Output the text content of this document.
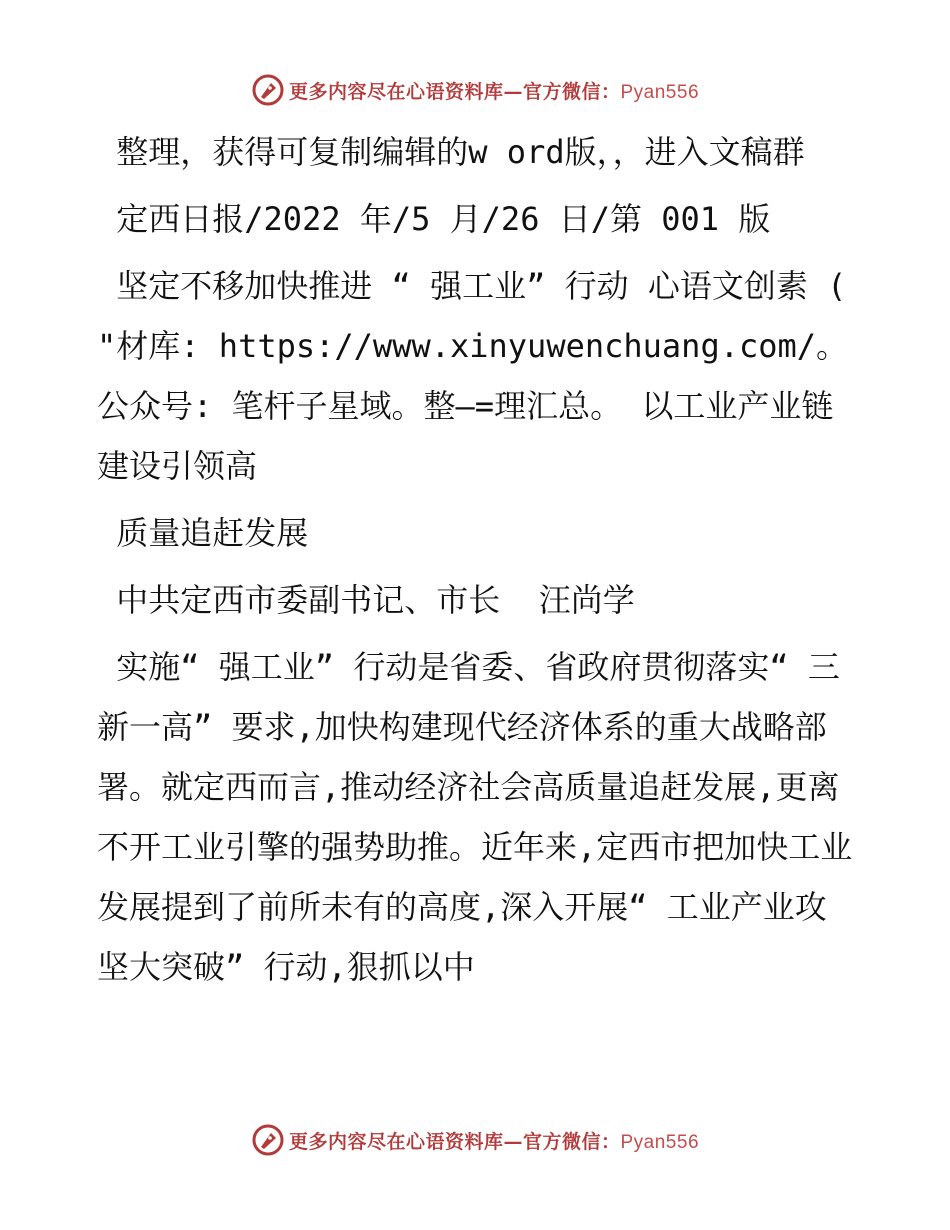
更多内容尽在心语资料库—官方微信：Pyan556

整理，获得可复制编辑的w ord版，，进入文稿群

定西日报/2022 年/5 月/26 日/第 001 版

坚定不移加快推进 “ 强工业” 行动 心语文创素 ( "材库: https://www.xinyuwenchuang.com/。公众号: 笔杆子星域。整—=理汇总。 以工业产业链建设引领高

质量追赶发展

中共定西市委副书记、市长  汪尚学

实施“ 强工业” 行动是省委、省政府贯彻落实“ 三新一高” 要求,加快构建现代经济体系的重大战略部署。就定西而言,推动经济社会高质量追赶发展,更离不开工业引擎的强势助推。近年来,定西市把加快工业发展提到了前所未有的高度,深入开展“ 工业产业攻坚大突破” 行动,狠抓以中

更多内容尽在心语资料库—官方微信：Pyan556
